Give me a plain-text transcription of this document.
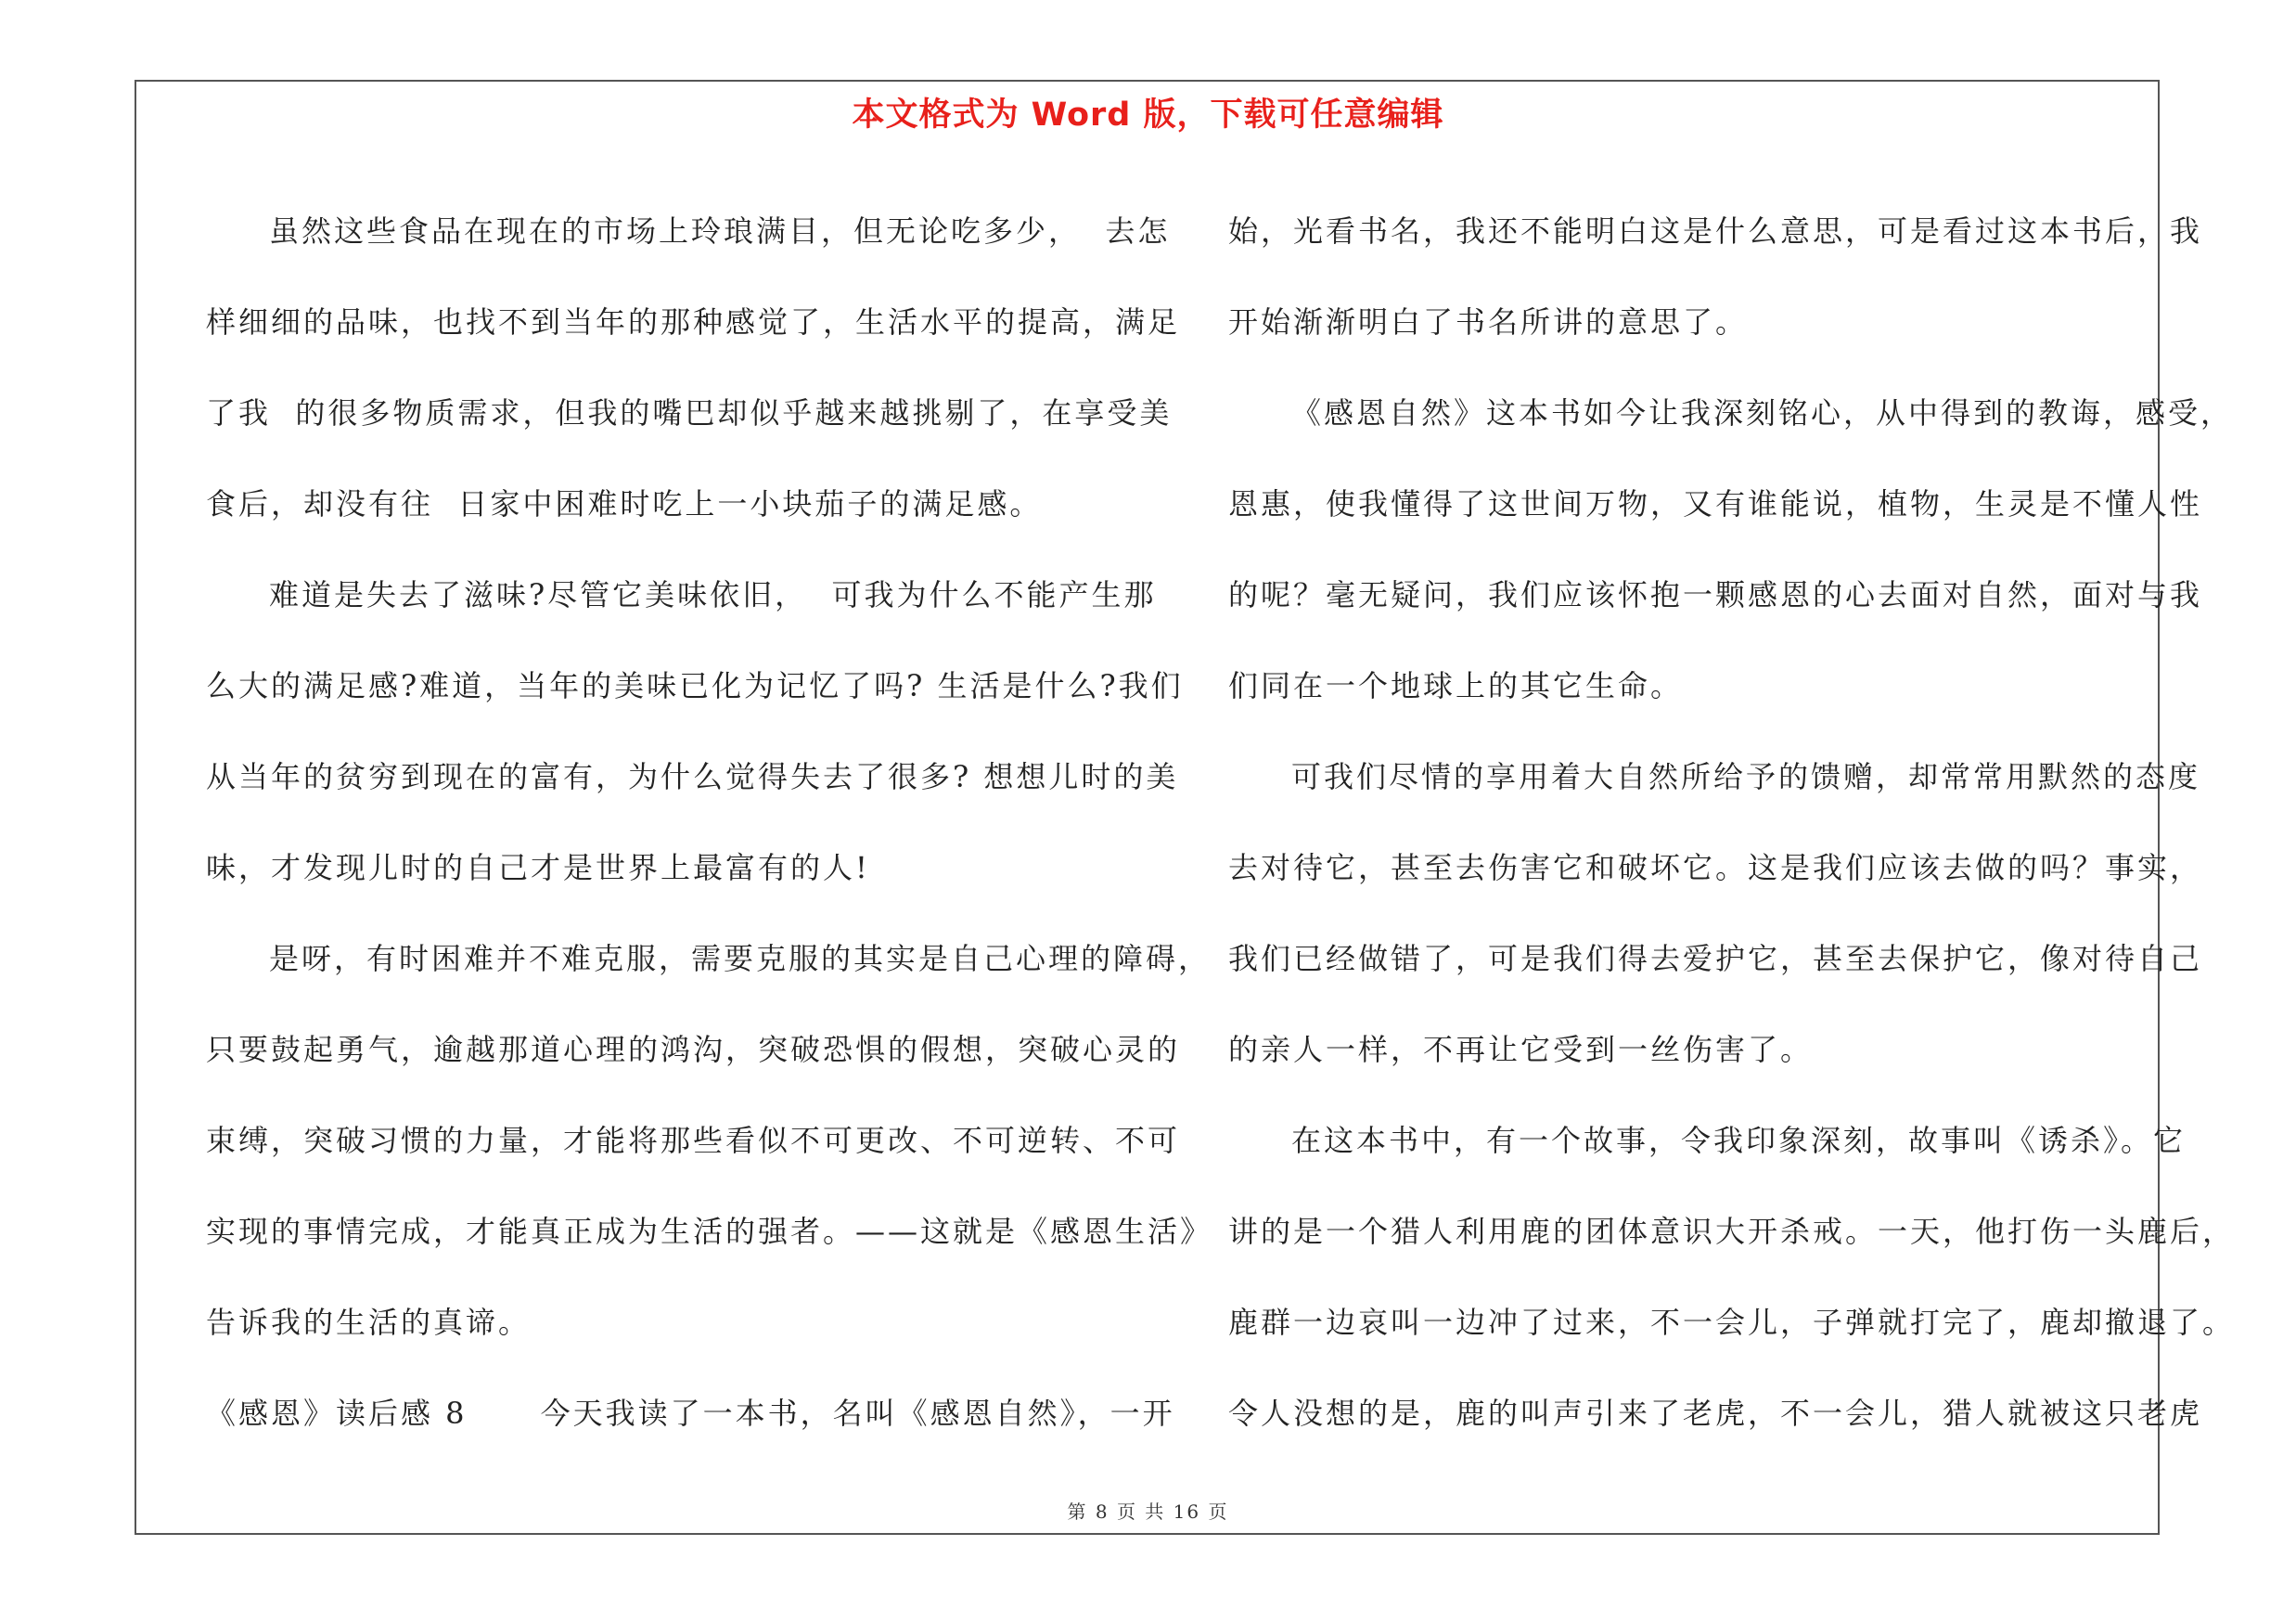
本文格式为 Word 版，下载可任意编辑
虽然这些食品在现在的市场上玲琅满目，但无论吃多少，  去怎
样细细的品味，也找不到当年的那种感觉了，生活水平的提高，满足
了我  的很多物质需求，但我的嘴巴却似乎越来越挑剔了，在享受美
食后，却没有往  日家中困难时吃上一小块茄子的满足感。
难道是失去了滋味?尽管它美味依旧，  可我为什么不能产生那
么大的满足感?难道，当年的美味已化为记忆了吗? 生活是什么?我们
从当年的贫穷到现在的富有，为什么觉得失去了很多? 想想儿时的美
味，才发现儿时的自己才是世界上最富有的人!
是呀，有时困难并不难克服，需要克服的其实是自己心理的障碍，
只要鼓起勇气，逾越那道心理的鸿沟，突破恐惧的假想，突破心灵的
束缚，突破习惯的力量，才能将那些看似不可更改、不可逆转、不可
实现的事情完成，才能真正成为生活的强者。——这就是《感恩生活》
告诉我的生活的真谛。
《感恩》读后感 8      今天我读了一本书，名叫《感恩自然》，一开
始，光看书名，我还不能明白这是什么意思，可是看过这本书后，我
开始渐渐明白了书名所讲的意思了。
《感恩自然》这本书如今让我深刻铭心，从中得到的教诲，感受，
恩惠，使我懂得了这世间万物，又有谁能说，植物，生灵是不懂人性
的呢？毫无疑问，我们应该怀抱一颗感恩的心去面对自然，面对与我
们同在一个地球上的其它生命。
可我们尽情的享用着大自然所给予的馈赠，却常常用默然的态度
去对待它，甚至去伤害它和破坏它。这是我们应该去做的吗？事实，
我们已经做错了，可是我们得去爱护它，甚至去保护它，像对待自己
的亲人一样，不再让它受到一丝伤害了。
在这本书中，有一个故事，令我印象深刻，故事叫《诱杀》。它
讲的是一个猎人利用鹿的团体意识大开杀戒。一天，他打伤一头鹿后，
鹿群一边哀叫一边冲了过来，不一会儿，子弹就打完了，鹿却撤退了。
令人没想的是，鹿的叫声引来了老虎，不一会儿，猎人就被这只老虎
第 8 页 共 16 页
